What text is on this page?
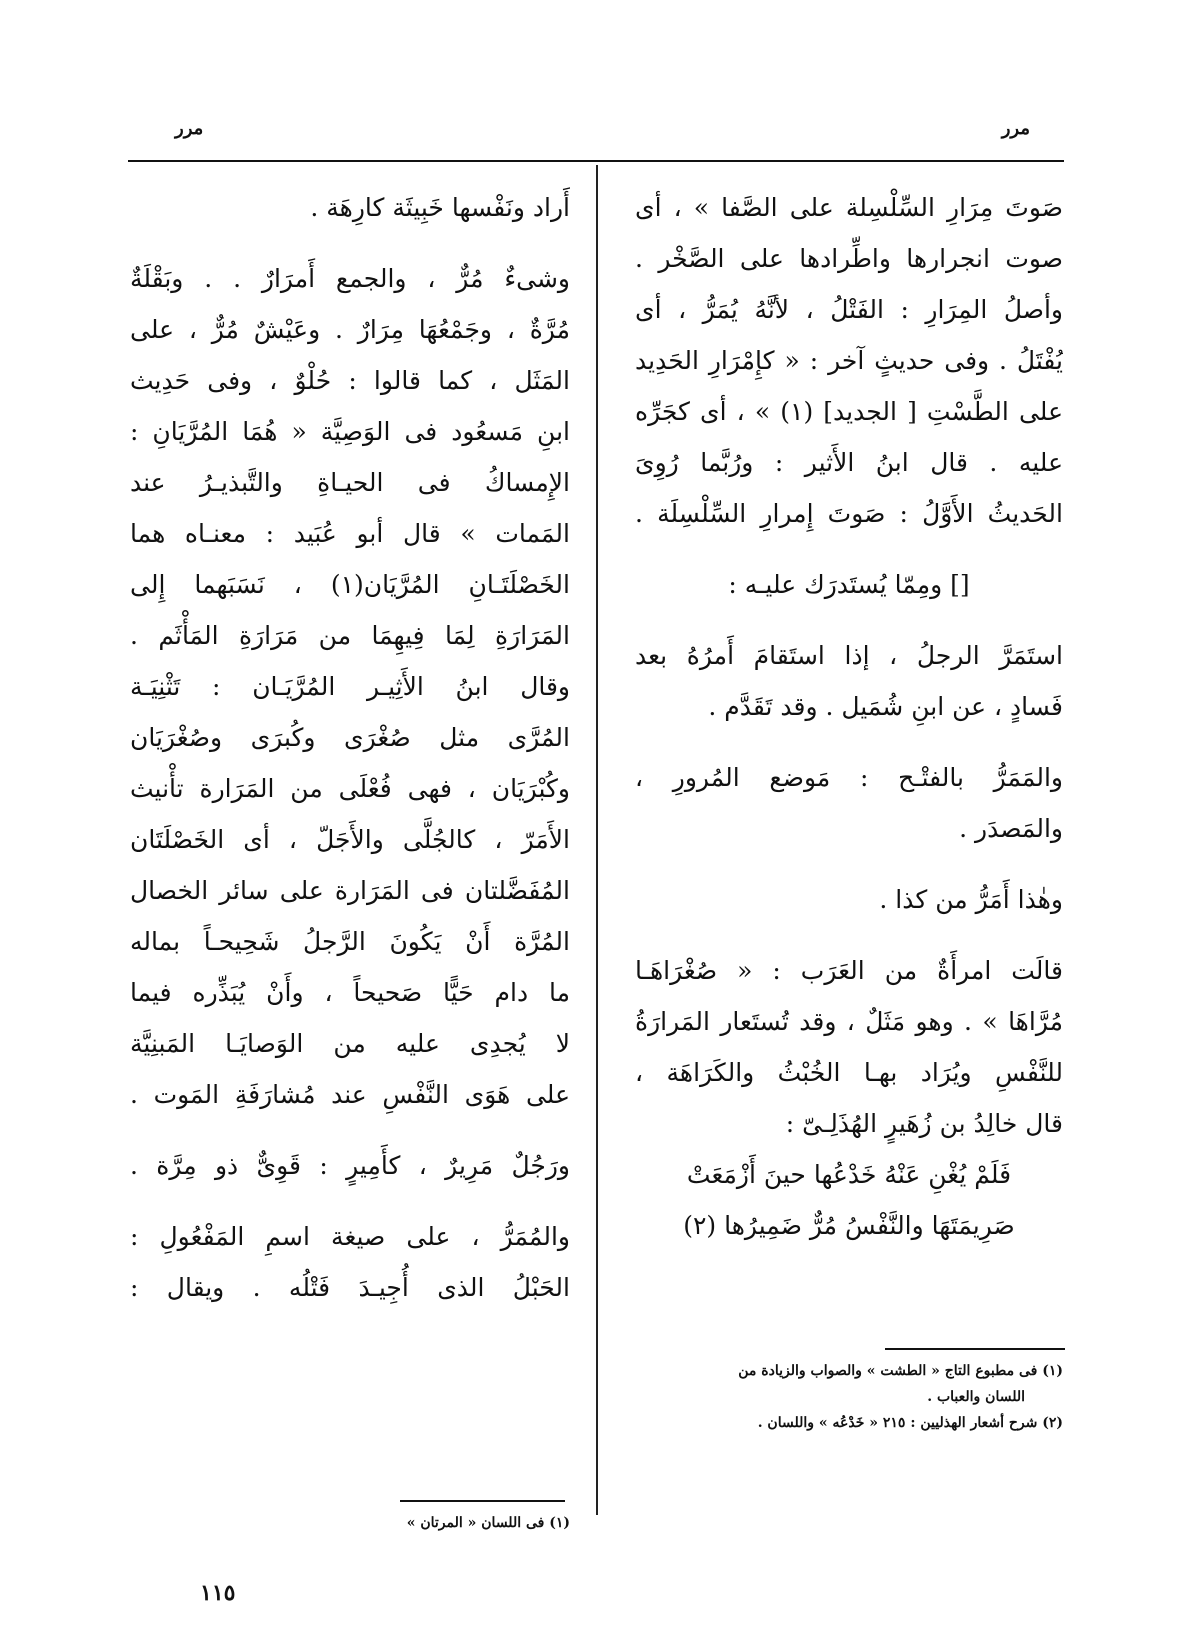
مرر
مرر
صَوتَ مِرَارِ السِّلْسِلة على الصَّفا » ، أى
صوت انجرارها واطِّرادها على الصَّخْر .
وأصلُ المِرَارِ : الفَتْلُ ، لأنَّهُ يُمَرُّ ، أى
يُفْتَلُ . وفى حديثٍ آخر : « كإِمْرَارِ الحَدِيد
على الطَّسْتِ [ الجديد] (١) » ، أى كجَرِّه
عليه . قال ابنُ الأَثير : ورُبَّما رُوِىَ
الحَديثُ الأَوَّلُ : صَوتَ إِمرارِ السِّلْسِلَة .
[] ومِمّا يُستَدرَك عليـه :
استَمَرَّ الرجلُ ، إذا استَقامَ أَمرُهُ بعد
فَسادٍ ، عن ابنِ شُمَيل . وقد تَقَدَّم .
والمَمَرُّ بالفتْـح : مَوضع المُرورِ ،
والمَصدَر .
وهٰذا أَمَرُّ من كذا .
قالَت امرأَةٌ من العَرَب : « صُغْرَاهَـا
مُرَّاهَا » . وهو مَثَلٌ ، وقد تُستَعار المَرارَةُ
للنَّفْسِ ويُرَاد بهـا الخُبْثُ والكَرَاهَة ،
قال خالِدُ بن زُهَيرٍ الهُذَلِـىّ :
فَلَمْ يُغْنِ عَنْهُ خَدْعُها حينَ أَزْمَعَتْ
صَرِيمَتَهَا والنَّفْسُ مُرٌّ ضَمِيرُها (٢)
(١) فى مطبوع التاج « الطشت » والصواب والزيادة من
اللسان والعباب .
(٢) شرح أشعار الهذليين : ٢١٥ « خَدْعُه » واللسان .
أَراد ونَفْسها خَبِيثَة كارِهَة .
وشىءٌ مُرٌّ ، والجمع أَمرَارٌ . . وبَقْلَةٌ
مُرَّةٌ ، وجَمْعُهَا مِرَارٌ . وعَيْشٌ مُرٌّ ، على
المَثَل ، كما قالوا : حُلْوٌ ، وفى حَدِيث
ابنِ مَسعُود فى الوَصِيَّة « هُمَا المُرَّيَانِ :
الإِمساكُ فى الحيـاةِ والتَّبذيـرُ عند
المَمات » قال أبو عُبَيد : معنـاه هما
الخَصْلَتَـانِ المُرَّيَان(١) ، نَسَبَهما إِلى
المَرَارَةِ لِمَا فِيهِمَا من مَرَارَةِ المَأْثَم .
وقال ابنُ الأَثِيـر المُرَّيَـان : تَثْنِيَـة
المُرَّى مثل صُغْرَى وكُبرَى وصُغْرَيَان
وكُبْرَيَان ، فهى فُعْلَى من المَرَارة تأْنيث
الأَمَرّ ، كالجُلَّى والأَجَلّ ، أى الخَصْلَتَان
المُفَضَّلتان فى المَرَارة على سائر الخصال
المُرَّة أَنْ يَكُونَ الرَّجلُ شَحِيحـاً بماله
ما دام حَيًّا صَحيحاً ، وأَنْ يُبَذِّره فيما
لا يُجدِى عليه من الوَصايَـا المَبنِيَّة
على هَوَى النَّفْسِ عند مُشارَفَةِ المَوت .
ورَجُلٌ مَرِيرٌ ، كأَمِيرٍ : قَوِىٌّ ذو مِرَّة .
والمُمَرُّ ، على صيغة اسمِ المَفْعُولِ :
الحَبْلُ الذى أُجِيـدَ فَتْلُه . ويقال :
(١) فى اللسان « المرتان »
١١٥
